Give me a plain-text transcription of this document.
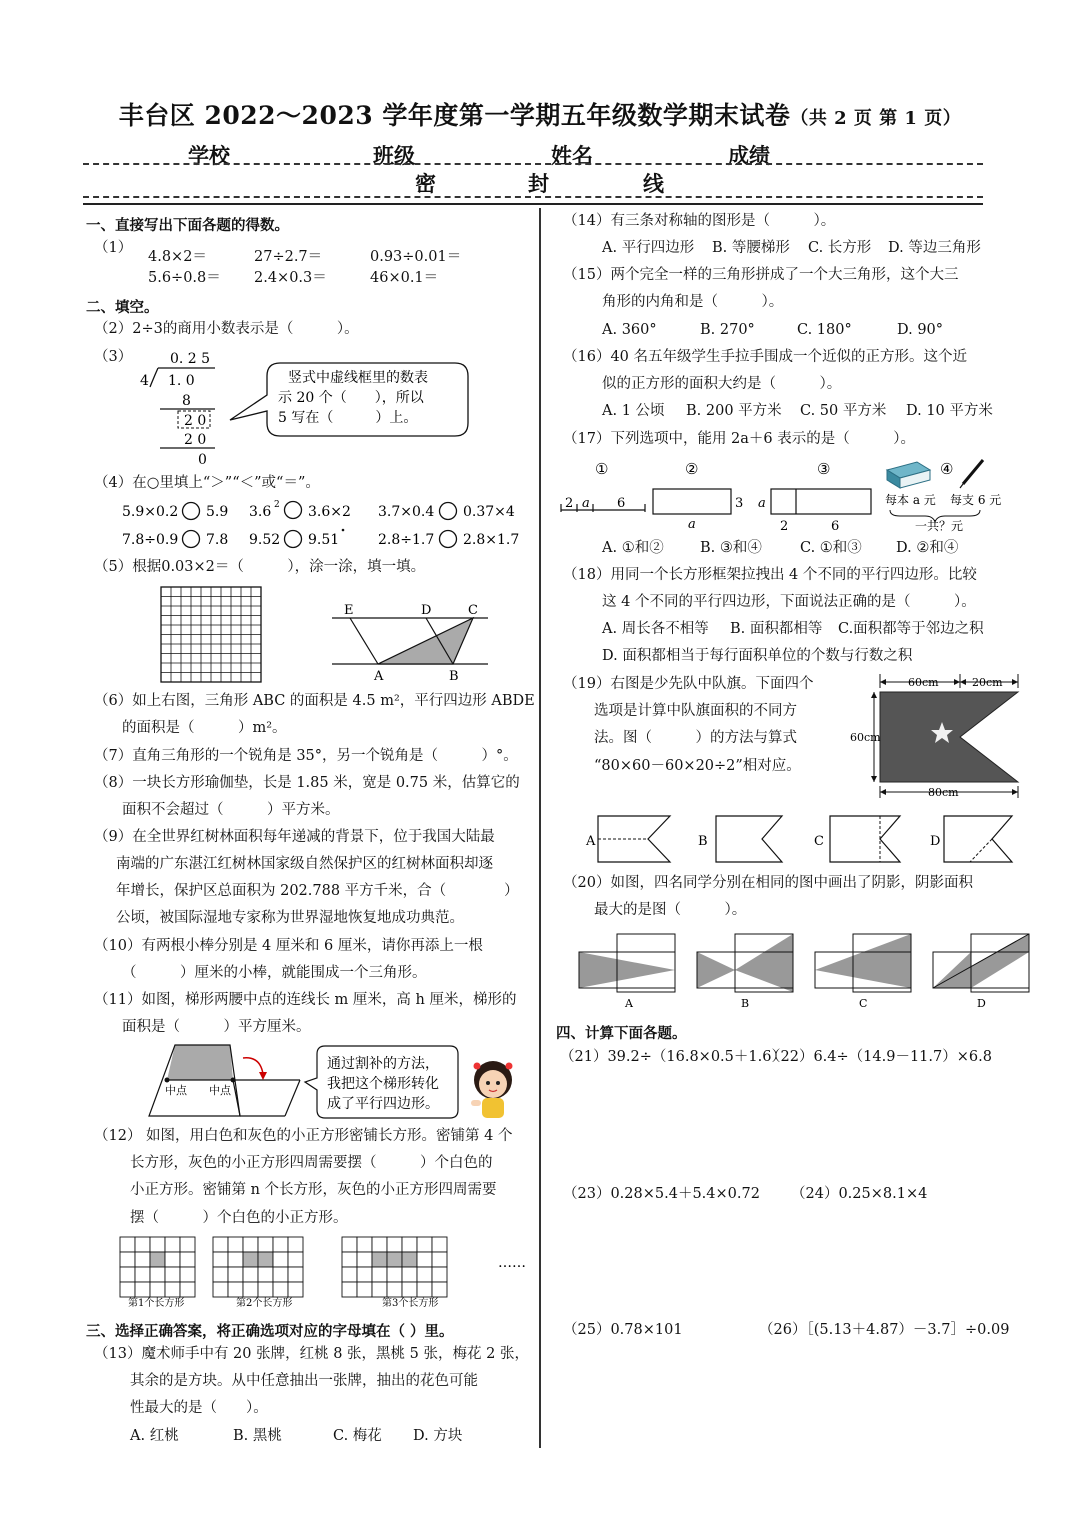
丰台区 2022～2023 学年度第一学期五年级数学期末试卷（共 2 页 第 1 页）
学校	班级	姓名	成绩
密	封	线
一、直接写出下面各题的得数。
（1）
4.8×2＝	27÷2.7＝	0.93÷0.01＝
5.6÷0.8＝ 2.4×0.3＝	46×0.1＝
二、填空。
（2）2÷3的商用小数表示是（　　　）。
（3）	0. 2 5
4 1. 0
8
2 0
2 0
0
竖式中虚线框里的数表
示 20 个（　　），所以
5 写在（　　　）上。
（4）在○里填上“＞”“＜”或“＝”。
5.9×0.2 5.9 3.6 2 3.6×2 3.7×0.4 0.37×4
7.8÷0.9 7.8 9.52 9.51	2.8÷1.7 2.8×1.7
（5）根据0.03×2＝（　　　），涂一涂，填一填。
E	D	C
A	B
（6）如上右图，三角形 ABC 的面积是 4.5 m²，平行四边形 ABDE
的面积是（　　　）m²。
（7）直角三角形的一个锐角是 35°，另一个锐角是（　　　）°。
（8）一块长方形瑜伽垫，长是 1.85 米，宽是 0.75 米，估算它的
面积不会超过（　　　）平方米。
（9）在全世界红树林面积每年递减的背景下，位于我国大陆最
南端的广东湛江红树林国家级自然保护区的红树林面积却逐
年增长，保护区总面积为 202.788 平方千米，合（　　　　）
公顷，被国际湿地专家称为世界湿地恢复地成功典范。
（10）有两根小棒分别是 4 厘米和 6 厘米，请你再添上一根
（　　　）厘米的小棒，就能围成一个三角形。
（11）如图，梯形两腰中点的连线长 m 厘米，高 h 厘米，梯形的
面积是（　　　）平方厘米。
中点 中点
通过割补的方法，
我把这个梯形转化
成了平行四边形。
（12） 如图，用白色和灰色的小正方形密铺长方形。密铺第 4 个
长方形，灰色的小正方形四周需要摆（　　　）个白色的
小正方形。密铺第 n 个长方形，灰色的小正方形四周需要
摆（　　　）个白色的小正方形。
第1个长方形	第2个长方形	第3个长方形
……
三、选择正确答案，将正确选项对应的字母填在（ ）里。
（13）魔术师手中有 20 张牌，红桃 8 张，黑桃 5 张，梅花 2 张，
其余的是方块。从中任意抽出一张牌，抽出的花色可能
性最大的是（　　）。
A. 红桃	B. 黑桃	C. 梅花 D. 方块
（14）有三条对称轴的图形是（　　　）。
A. 平行四边形 B. 等腰梯形 C. 长方形 D. 等边三角形
（15）两个完全一样的三角形拼成了一个大三角形，这个大三
角形的内角和是（　　　）。
A. 360°	B. 270°	C. 180°	D. 90°
（16）40 名五年级学生手拉手围成一个近似的正方形。这个近
似的正方形的面积大约是（　　　）。
A. 1 公顷 B. 200 平方米 C. 50 平方米 D. 10 平方米
（17）下列选项中，能用 2a＋6 表示的是（　　　）。
①	②	③	④
2 a 6	3
a
a
2	6
每本 a 元 每支 6 元
一共？元
A. ①和②	B. ③和④	C. ①和③ D. ②和④
（18）用同一个长方形框架拉拽出 4 个不同的平行四边形。比较
这 4 个不同的平行四边形，下面说法正确的是（　　　）。
A. 周长各不相等 B. 面积都相等 C.面积都等于邻边之积
D. 面积都相当于每行面积单位的个数与行数之积
（19）右图是少先队中队旗。下面四个
选项是计算中队旗面积的不同方
法。图（　　　）的方法与算式
“80×60－60×20÷2”相对应。
60cm	20cm
60cm
80cm
A	B	C	D
（20）如图，四名同学分别在相同的图中画出了阴影，阴影面积
最大的是图（　　　）。
A	B	C	D
四、计算下面各题。
（21）39.2÷（16.8×0.5＋1.6）
（22）6.4÷（14.9－11.7）×6.8
（23）0.28×5.4＋5.4×0.72 （24）0.25×8.1×4
（25）0.78×101	（26）［(5.13＋4.87）－3.7］÷0.09
